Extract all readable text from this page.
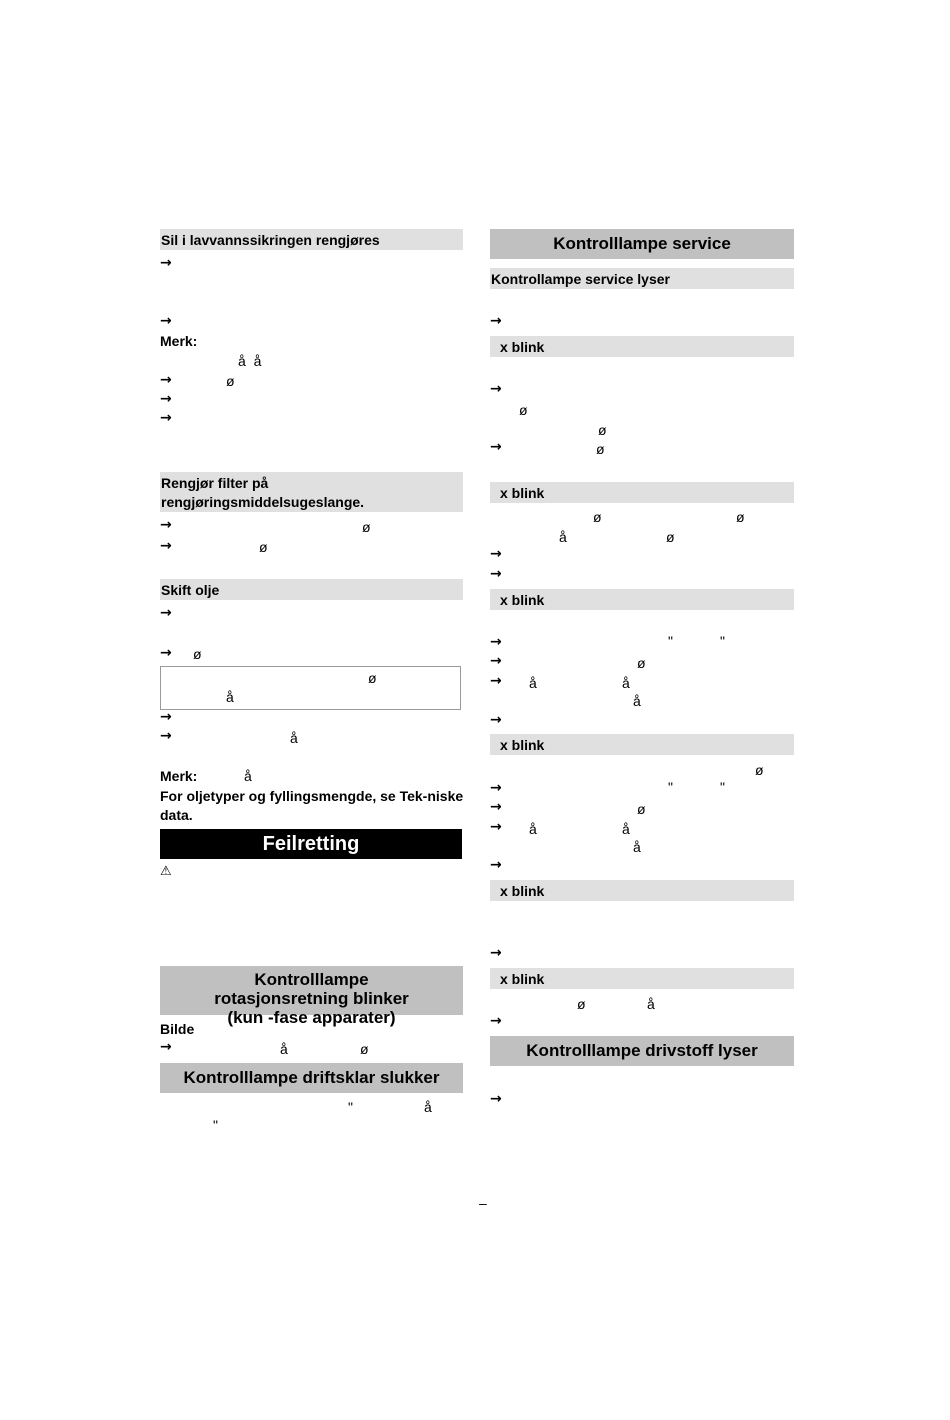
Sil i lavvannssikringen rengjøres
→
→
Merk:
å  å
→	ø
→
→
Rengjør filter på rengjøringsmiddelsugeslange.
→	ø
→	ø
Skift olje
→
→ ø
ø
å
→
→	å
Merk:	å
For oljetyper og fyllingsmengde, se Tek-niske data.
Feilretting
⚠
Kontrolllampe rotasjonsretning blinker (kun -fase apparater)
Bilde
→	å	ø
Kontrolllampe driftsklar slukker
"	å
"
Kontrolllampe service
Kontrollampe service lyser
→
x blink
→
ø
ø
→	ø
x blink
ø	ø
å	ø
→
→
x blink
→	"	"
→	ø
→ å	å
å
→
x blink
ø
→	"	"
→	ø
→ å	å
å
→
x blink
→
x blink
ø	å
→
Kontrolllampe drivstoff lyser
→
–
